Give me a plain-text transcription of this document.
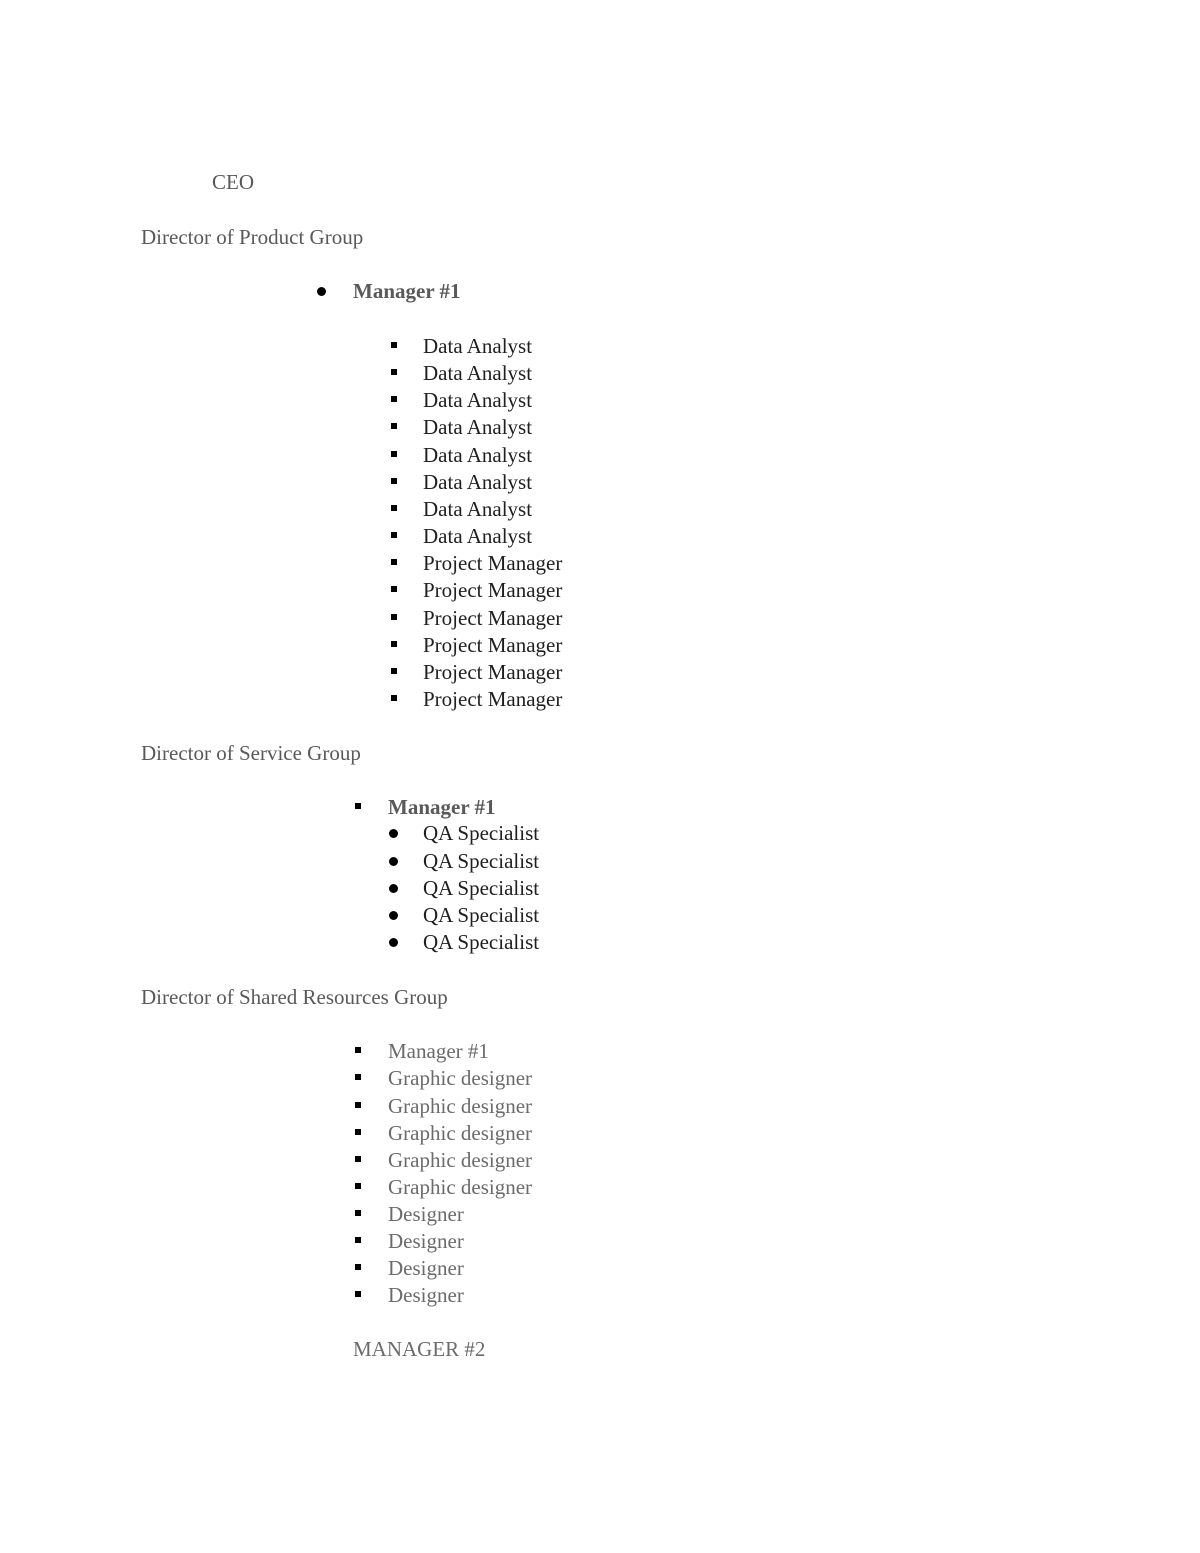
CEO
Director of Product Group
Manager #1
Data Analyst
Data Analyst
Data Analyst
Data Analyst
Data Analyst
Data Analyst
Data Analyst
Data Analyst
Project Manager
Project Manager
Project Manager
Project Manager
Project Manager
Project Manager
Director of Service Group
Manager #1
QA Specialist
QA Specialist
QA Specialist
QA Specialist
QA Specialist
Director of Shared Resources Group
Manager #1
Graphic designer
Graphic designer
Graphic designer
Graphic designer
Graphic designer
Designer
Designer
Designer
Designer
MANAGER #2
